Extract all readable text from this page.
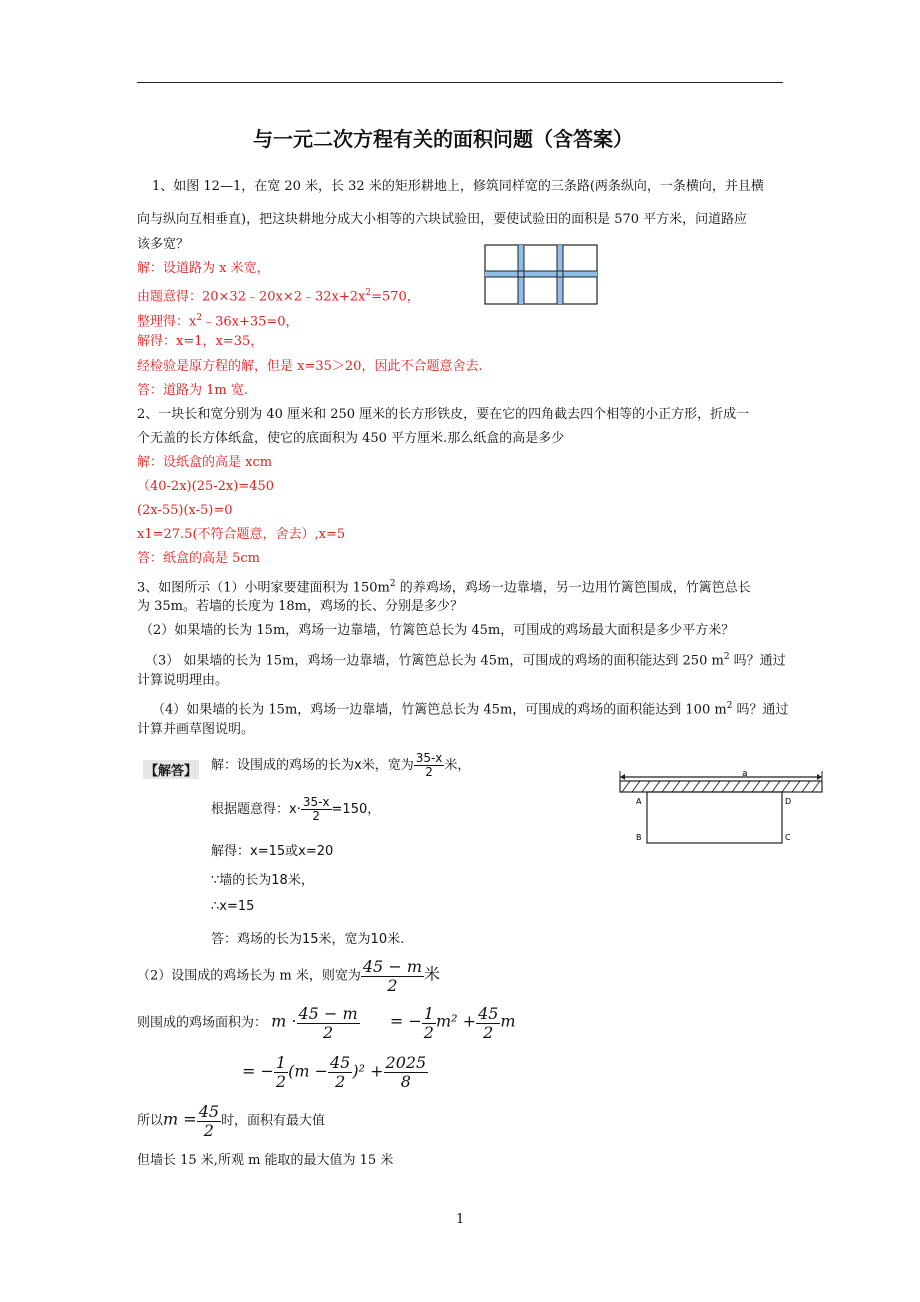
与一元二次方程有关的面积问题（含答案）
1、如图 12—1，在宽 20 米，长 32 米的矩形耕地上，修筑同样宽的三条路(两条纵向，一条横向，并且横
向与纵向互相垂直)，把这块耕地分成大小相等的六块试验田，要使试验田的面积是 570 平方米，问道路应
该多宽？
解：设道路为 x 米宽，
由题意得：$20\times 32﹣20x\times 2﹣32x+2x^2=570$，
整理得：$x^2﹣36x+35=0$，
解得：x=1，x=35，
经检验是原方程的解，但是 x=35＞20，因此不合题意舍去.
答：道路为 1m 宽.
2、一块长和宽分别为 40 厘米和 250 厘米的长方形铁皮，要在它的四角截去四个相等的小正方形，折成一
个无盖的长方体纸盒，使它的底面积为 450 平方厘米.那么纸盒的高是多少
解：设纸盒的高是 xcm
（40-2x)(25-2x)=450
(2x-55)(x-5)=0
x1=27.5(不符合题意，舍去）,x=5
答：纸盒的高是 5cm
3、如图所示（1）小明家要建面积为 $150m^2$ 的养鸡场，鸡场一边靠墙，另一边用竹篱笆围成，竹篱笆总长
为 35m。若墙的长度为 18m，鸡场的长、分别是多少？
（2）如果墙的长为 15m，鸡场一边靠墙，竹篱笆总长为 45m，可围成的鸡场最大面积是多少平方米？
（3） 如果墙的长为 15m，鸡场一边靠墙，竹篱笆总长为 45m，可围成的鸡场的面积能达到 250 $m^2$ 吗？通过
计算说明理由。
（4）如果墙的长为 15m，鸡场一边靠墙，竹篱笆总长为 45m，可围成的鸡场的面积能达到 100 $m^2$ 吗？通过
计算并画草图说明。
【解答】 解：设围成的鸡场的长为x米，宽为 $\frac{35-x}{2}$ 米，
根据题意得：$x\cdot \frac{35-x}{2} =150$，
解得：x=15或x=20
∵墙的长为18米，
∴x=15
答：鸡场的长为15米，宽为10米.
a
A	D
B	C
（2）设围成的鸡场长为 m 米，则宽为 $\frac{45 - m}{2}$ 米
则围成的鸡场面积为： $m \cdot \frac{45 - m}{2}$ = − $\frac{1}{2} m^2 + \frac{45}{2}$ m
= − $\frac{1}{2} (m - \frac{45}{2} )^2 + \frac{2025}{8}$
所以$m = \frac{45}{2}$ 时，面积有最大值
但墙长 15 米,所观 m 能取的最大值为 15 米
1
